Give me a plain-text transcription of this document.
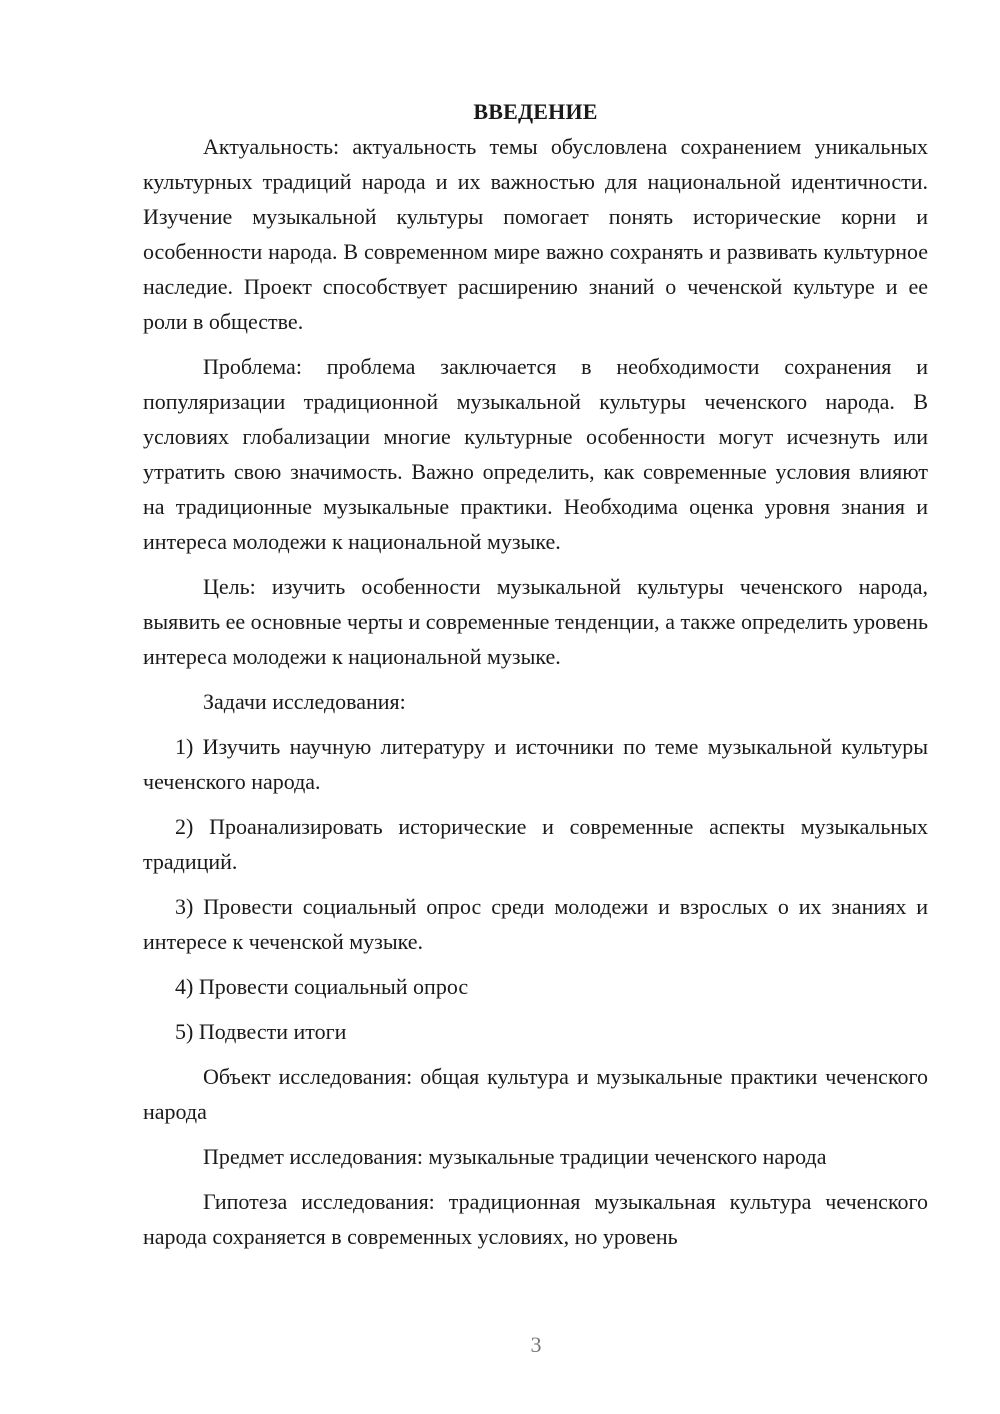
ВВЕДЕНИЕ

Актуальность: актуальность темы обусловлена сохранением уникальных культурных традиций народа и их важностью для национальной идентичности. Изучение музыкальной культуры помогает понять исторические корни и особенности народа. В современном мире важно сохранять и развивать культурное наследие. Проект способствует расширению знаний о чеченской культуре и ее роли в обществе.

Проблема: проблема заключается в необходимости сохранения и популяризации традиционной музыкальной культуры чеченского народа. В условиях глобализации многие культурные особенности могут исчезнуть или утратить свою значимость. Важно определить, как современные условия влияют на традиционные музыкальные практики. Необходима оценка уровня знания и интереса молодежи к национальной музыке.

Цель: изучить особенности музыкальной культуры чеченского народа, выявить ее основные черты и современные тенденции, а также определить уровень интереса молодежи к национальной музыке.

Задачи исследования:

1) Изучить научную литературу и источники по теме музыкальной культуры чеченского народа.

2) Проанализировать исторические и современные аспекты музыкальных традиций.

3) Провести социальный опрос среди молодежи и взрослых о их знаниях и интересе к чеченской музыке.

4) Провести социальный опрос

5) Подвести итоги

Объект исследования: общая культура и музыкальные практики чеченского народа

Предмет исследования: музыкальные традиции чеченского народа

Гипотеза исследования: традиционная музыкальная культура чеченского народа сохраняется в современных условиях, но уровень

3
